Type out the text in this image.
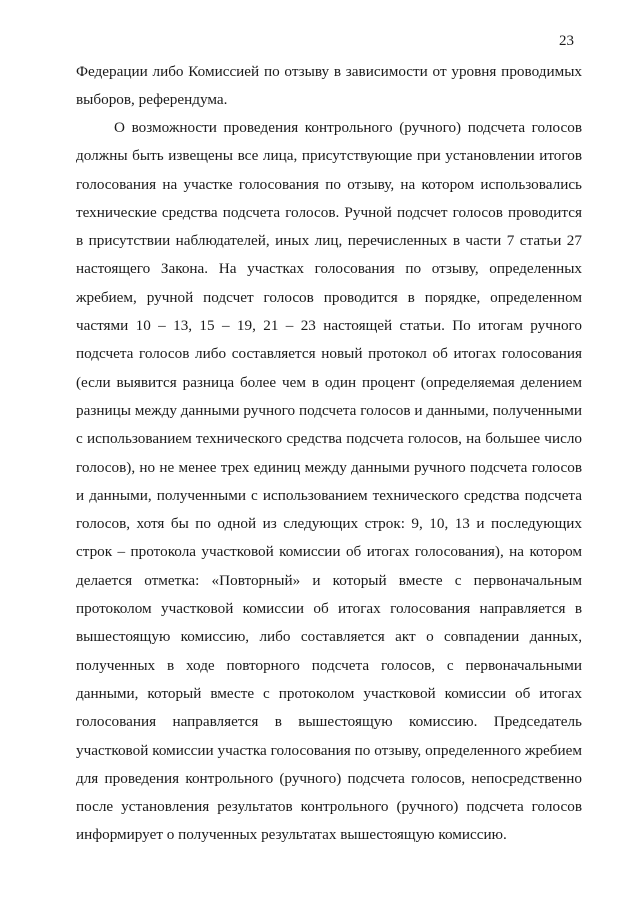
23

Федерации либо Комиссией по отзыву в зависимости от уровня проводимых выборов, референдума.

О возможности проведения контрольного (ручного) подсчета голосов должны быть извещены все лица, присутствующие при установлении итогов голосования на участке голосования по отзыву, на котором использовались технические средства подсчета голосов. Ручной подсчет голосов проводится в присутствии наблюдателей, иных лиц, перечисленных в части 7 статьи 27 настоящего Закона. На участках голосования по отзыву, определенных жребием, ручной подсчет голосов проводится в порядке, определенном частями 10 – 13, 15 – 19, 21 – 23 настоящей статьи. По итогам ручного подсчета голосов либо составляется новый протокол об итогах голосования (если выявится разница более чем в один процент (определяемая делением разницы между данными ручного подсчета голосов и данными, полученными с использованием технического средства подсчета голосов, на большее число голосов), но не менее трех единиц между данными ручного подсчета голосов и данными, полученными с использованием технического средства подсчета голосов, хотя бы по одной из следующих строк: 9, 10, 13 и последующих строк – протокола участковой комиссии об итогах голосования), на котором делается отметка: «Повторный» и который вместе с первоначальным протоколом участковой комиссии об итогах голосования направляется в вышестоящую комиссию, либо составляется акт о совпадении данных, полученных в ходе повторного подсчета голосов, с первоначальными данными, который вместе с протоколом участковой комиссии об итогах голосования направляется в вышестоящую комиссию. Председатель участковой комиссии участка голосования по отзыву, определенного жребием для проведения контрольного (ручного) подсчета голосов, непосредственно после установления результатов контрольного (ручного) подсчета голосов информирует о полученных результатах вышестоящую комиссию.
